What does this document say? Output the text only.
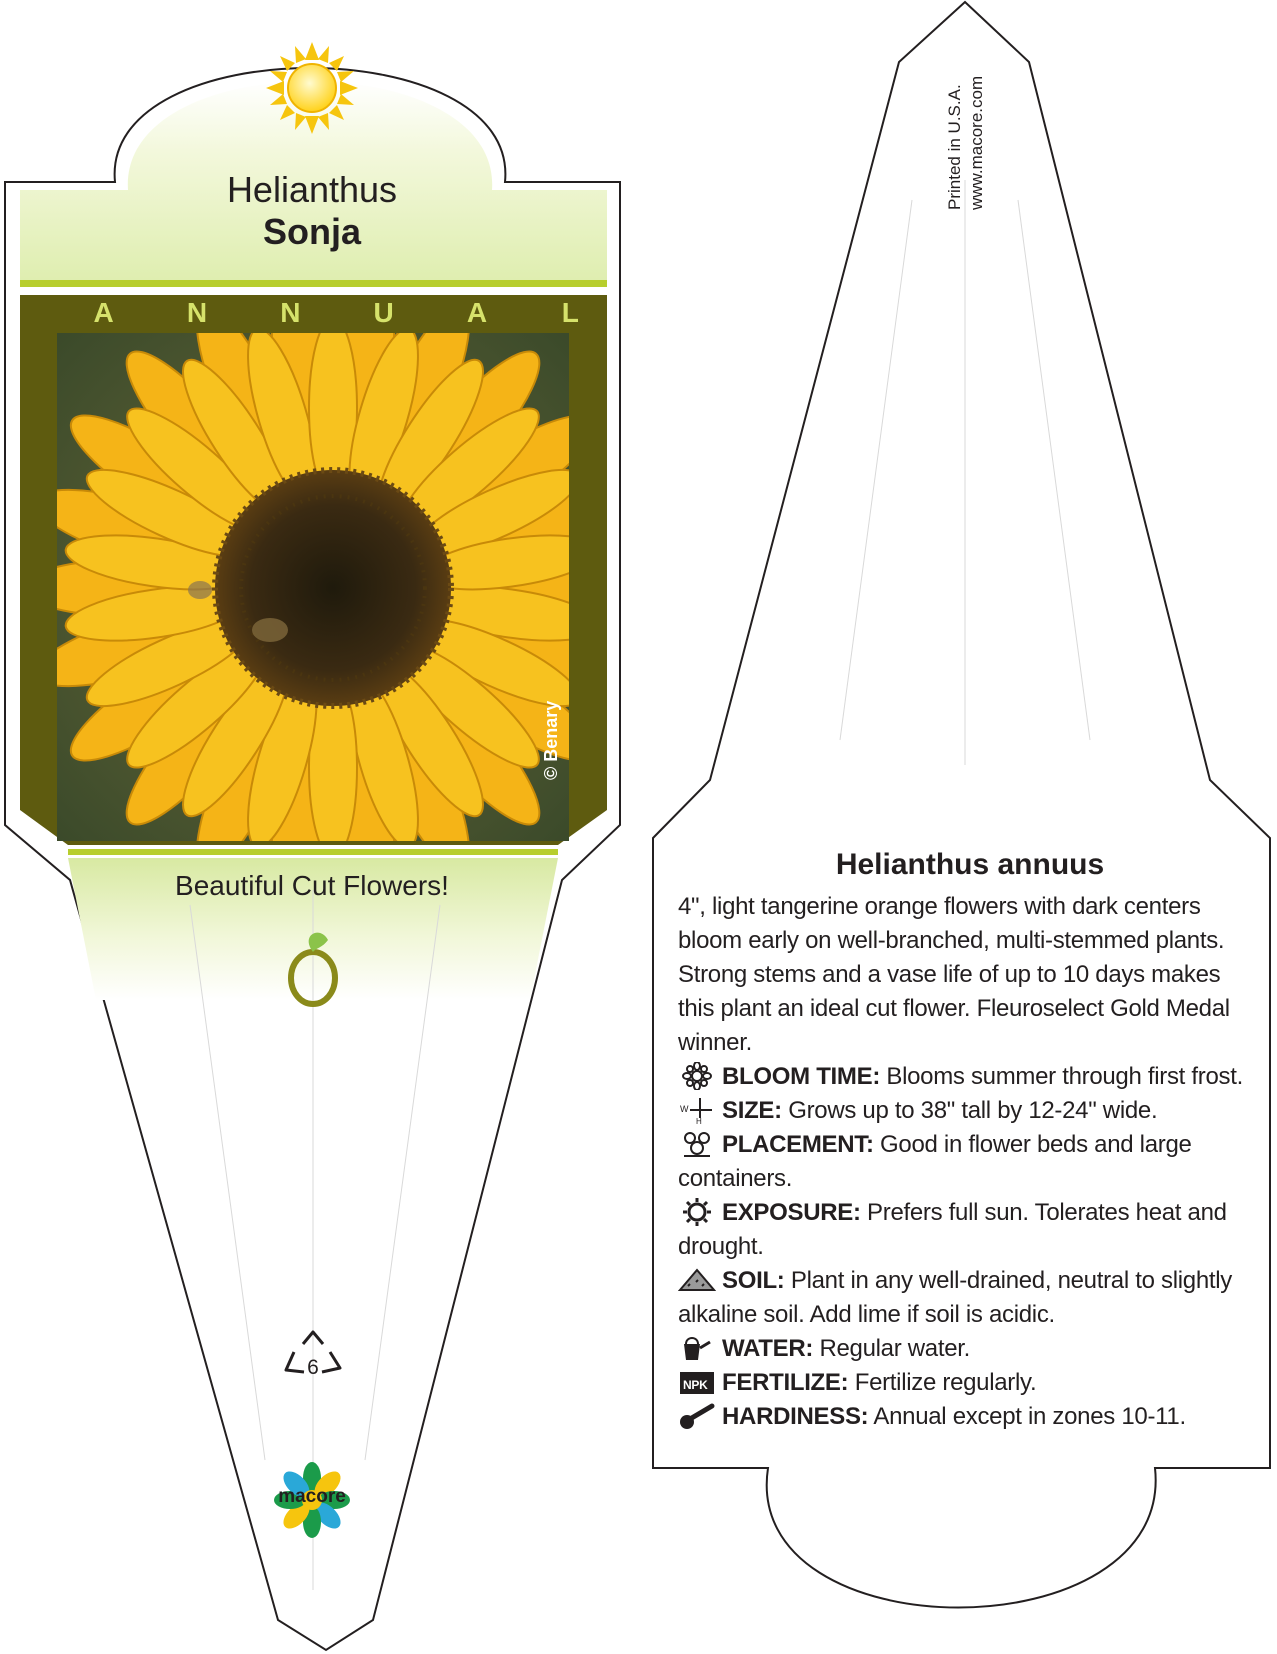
Helianthus
Sonja
A	N	N	U	A	L
© Benary
Beautiful Cut Flowers!
6
macore
Printed in U.S.A. www.macore.com
Helianthus annuus

4", light tangerine orange flowers with dark centers bloom early on well-branched, multi-stemmed plants. Strong stems and a vase life of up to 10 days makes this plant an ideal cut flower. Fleuroselect Gold Medal winner.

BLOOM TIME: Blooms summer through first frost.

W
H SIZE: Grows up to 38" tall by 12-24" wide.

PLACEMENT: Good in flower beds and large containers.

EXPOSURE: Prefers full sun. Tolerates heat and drought.

SOIL: Plant in any well-drained, neutral to slightly alkaline soil. Add lime if soil is acidic.

WATER: Regular water.

NPK FERTILIZE: Fertilize regularly.

HARDINESS: Annual except in zones 10-11.
